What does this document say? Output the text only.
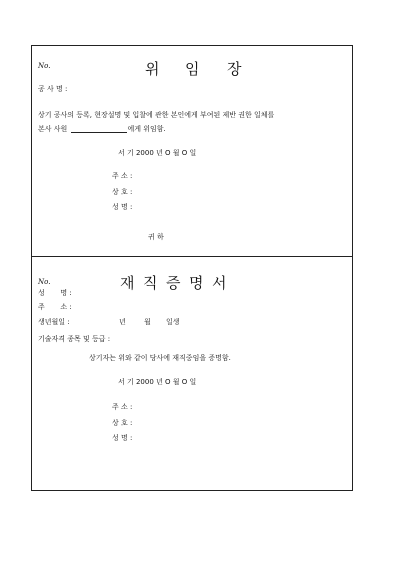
No.	위 임 장
공 사 명 :
상기 공사의 등록, 현장설명 및 입찰에 관한 본인에게 부여된 제반 권한 일체를
본사 사원	에게 위임함.
서 기 2000 년 O 월 O 일
주 소 :
상 호 :
성 명 :
귀 하
No.	재 직 증 명 서
성       명 :
주       소 :
생년월일 :	년	월 일생
기술자격 종목 및 등급 :
상기자는 위와 같이 당사에 재직중임을 증명함.
서 기 2000 년 O 월 O 일
주 소 :
상 호 :
성 명 :
